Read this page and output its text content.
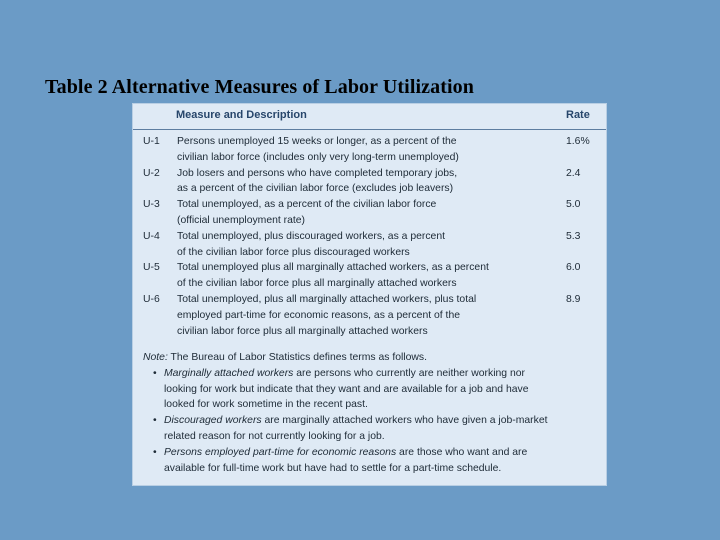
Table 2 Alternative Measures of Labor Utilization
Measure and Description	Rate
U-1 Persons unemployed 15 weeks or longer, as a percent of the
civilian labor force (includes only very long-term unemployed)
1.6%
U-2 Job losers and persons who have completed temporary jobs,
as a percent of the civilian labor force (excludes job leavers)
2.4
U-3 Total unemployed, as a percent of the civilian labor force
(official unemployment rate)
5.0
U-4 Total unemployed, plus discouraged workers, as a percent
of the civilian labor force plus discouraged workers
5.3
U-5 Total unemployed plus all marginally attached workers, as a percent
of the civilian labor force plus all marginally attached workers
6.0
U-6 Total unemployed, plus all marginally attached workers, plus total
employed part-time for economic reasons, as a percent of the
civilian labor force plus all marginally attached workers
8.9
Note: The Bureau of Labor Statistics defines terms as follows.
• Marginally attached workers are persons who currently are neither working nor
looking for work but indicate that they want and are available for a job and have
looked for work sometime in the recent past.
• Discouraged workers are marginally attached workers who have given a job-market
related reason for not currently looking for a job.
• Persons employed part-time for economic reasons are those who want and are
available for full-time work but have had to settle for a part-time schedule.
